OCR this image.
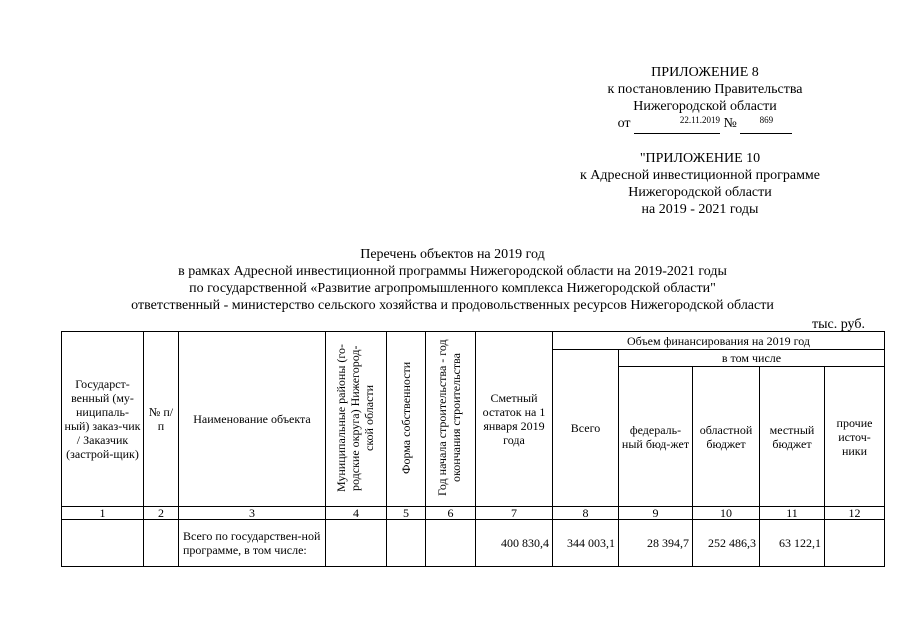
ПРИЛОЖЕНИЕ 8
к постановлению Правительства
Нижегородской области
от	$^{22.11.2019}$ №	$^{869}$
"ПРИЛОЖЕНИЕ 10
к Адресной инвестиционной программе
Нижегородской области
на 2019 - 2021 годы
Перечень объектов на 2019 год
в рамках Адресной инвестиционной программы Нижегородской области на 2019-2021 годы
по государственной «Развитие агропромышленного комплекса Нижегородской области"
ответственный - министерство сельского хозяйства и продовольственных ресурсов Нижегородской области
тыс. руб.
Государст-венный (му-ниципаль-ный) заказ-чик / Заказчик (застрой-щик)	№ п/п	Наименование объекта	Муниципальные районы (го-родские округа) Нижегород-ской области	Форма собственности	Год начала строительства - год окончания строительства	Сметный остаток на 1 января 2019 года	Объем финансирования на 2019 год				
							Всего	в том числе			
								федераль-ный бюд-жет	областной бюджет	местный бюджет	прочие источ-ники
1	2	3	4	5	6	7	8	9	10	11	12
		Всего по государствен-ной программе, в том числе:				400 830,4	344 003,1	28 394,7	252 486,3	63 122,1	
